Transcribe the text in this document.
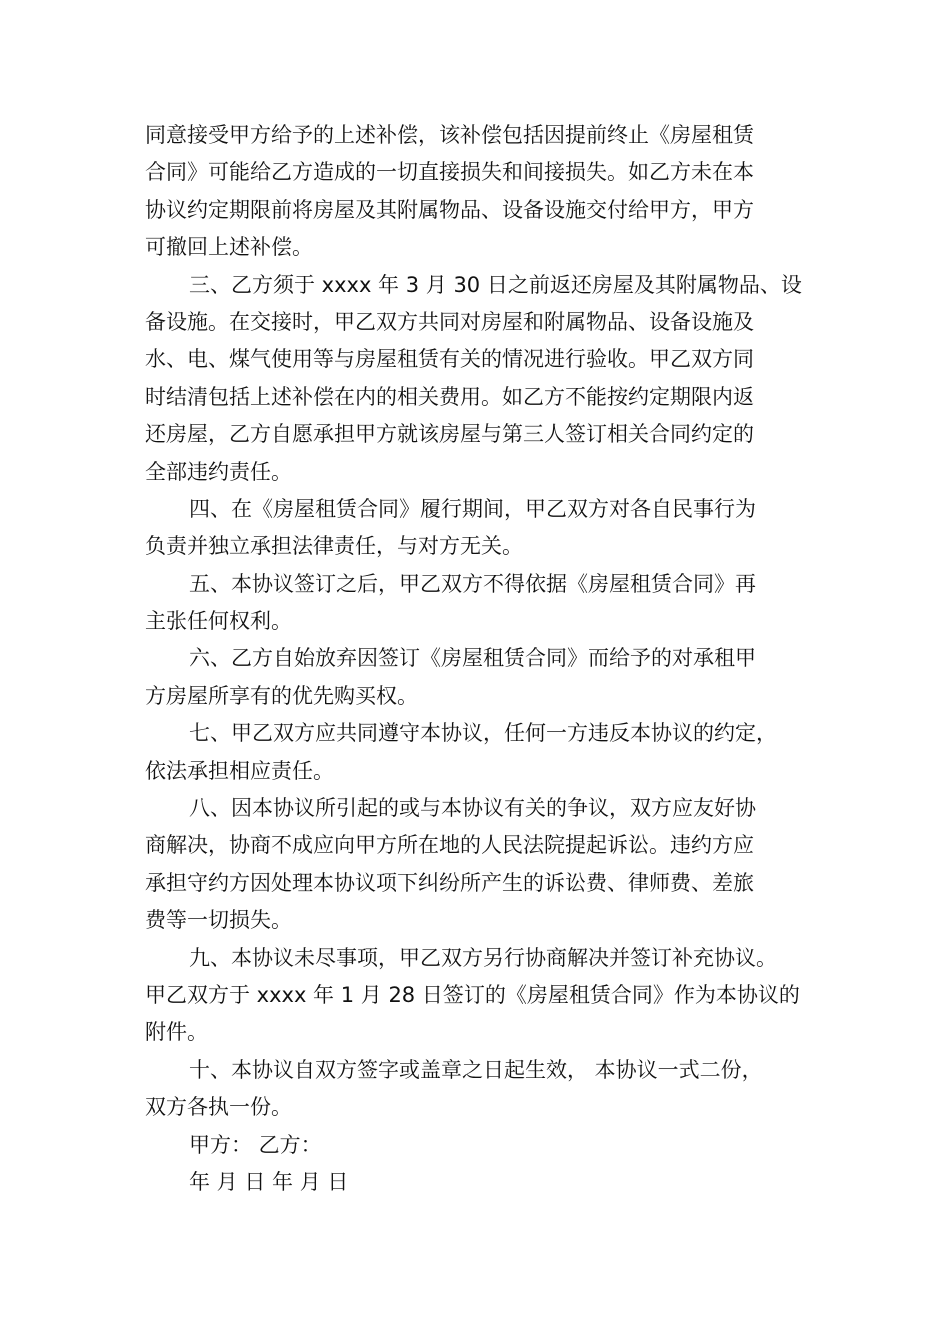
同意接受甲方给予的上述补偿，该补偿包括因提前终止《房屋租赁
合同》可能给乙方造成的一切直接损失和间接损失。如乙方未在本
协议约定期限前将房屋及其附属物品、设备设施交付给甲方，甲方
可撤回上述补偿。
三、乙方须于 xxxx 年 3 月 30 日之前返还房屋及其附属物品、设
备设施。在交接时，甲乙双方共同对房屋和附属物品、设备设施及
水、电、煤气使用等与房屋租赁有关的情况进行验收。甲乙双方同
时结清包括上述补偿在内的相关费用。如乙方不能按约定期限内返
还房屋，乙方自愿承担甲方就该房屋与第三人签订相关合同约定的
全部违约责任。
四、在《房屋租赁合同》履行期间，甲乙双方对各自民事行为
负责并独立承担法律责任，与对方无关。
五、本协议签订之后，甲乙双方不得依据《房屋租赁合同》再
主张任何权利。
六、乙方自始放弃因签订《房屋租赁合同》而给予的对承租甲
方房屋所享有的优先购买权。
七、甲乙双方应共同遵守本协议，任何一方违反本协议的约定，
依法承担相应责任。
八、因本协议所引起的或与本协议有关的争议，双方应友好协
商解决，协商不成应向甲方所在地的人民法院提起诉讼。违约方应
承担守约方因处理本协议项下纠纷所产生的诉讼费、律师费、差旅
费等一切损失。
九、本协议未尽事项，甲乙双方另行协商解决并签订补充协议。
甲乙双方于 xxxx 年 1 月 28 日签订的《房屋租赁合同》作为本协议的
附件。
十、本协议自双方签字或盖章之日起生效， 本协议一式二份，
双方各执一份。
甲方： 乙方：
年 月 日 年 月 日
